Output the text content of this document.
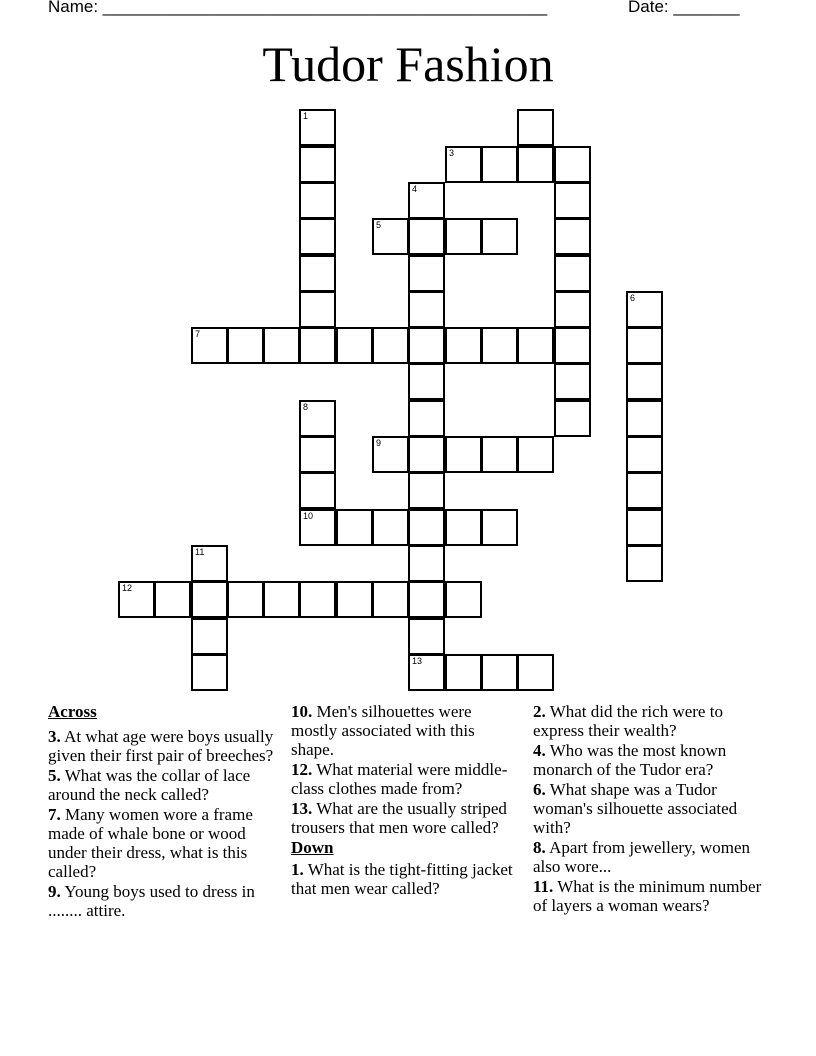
Name: _______________________________________________	Date: _______
Tudor Fashion
1
3
4
5
6
7
8
9
10
11
12
13
Across
3. At what age were boys usually given their first pair of breeches?
5. What was the collar of lace around the neck called?
7. Many women wore a frame made of whale bone or wood under their dress, what is this called?
9. Young boys used to dress in ........ attire.
10. Men's silhouettes were mostly associated with this shape.
12. What material were middle-class clothes made from?
13. What are the usually striped trousers that men wore called?
Down
1. What is the tight-fitting jacket that men wear called?
2. What did the rich were to express their wealth?
4. Who was the most known monarch of the Tudor era?
6. What shape was a Tudor woman's silhouette associated with?
8. Apart from jewellery, women also wore...
11. What is the minimum number of layers a woman wears?
